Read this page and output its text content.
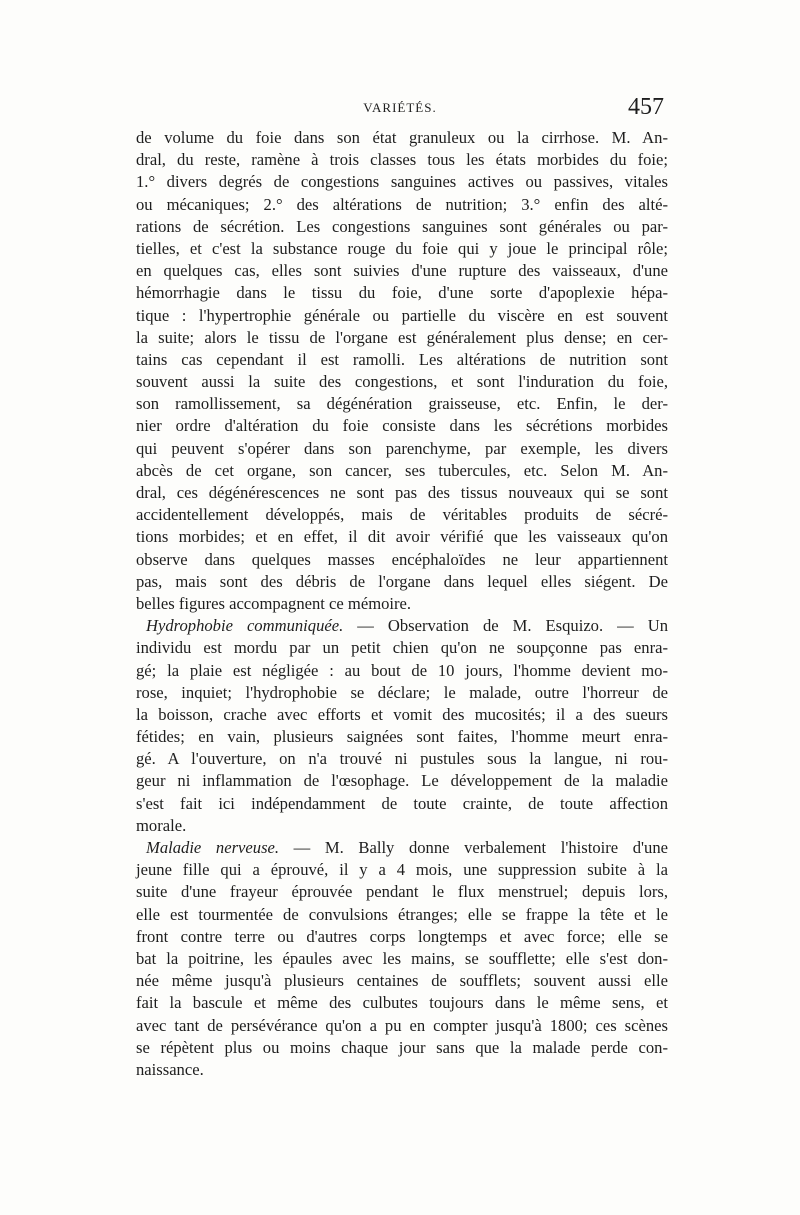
VARIÉTÉS.	457
de volume du foie dans son état granuleux ou la cirrhose. M. An-
dral, du reste, ramène à trois classes tous les états morbides du foie;
1.° divers degrés de congestions sanguines actives ou passives, vitales
ou mécaniques; 2.° des altérations de nutrition; 3.° enfin des alté-
rations de sécrétion. Les congestions sanguines sont générales ou par-
tielles, et c'est la substance rouge du foie qui y joue le principal rôle;
en quelques cas, elles sont suivies d'une rupture des vaisseaux, d'une
hémorrhagie dans le tissu du foie, d'une sorte d'apoplexie hépa-
tique : l'hypertrophie générale ou partielle du viscère en est souvent
la suite; alors le tissu de l'organe est généralement plus dense; en cer-
tains cas cependant il est ramolli. Les altérations de nutrition sont
souvent aussi la suite des congestions, et sont l'induration du foie,
son ramollissement, sa dégénération graisseuse, etc. Enfin, le der-
nier ordre d'altération du foie consiste dans les sécrétions morbides
qui peuvent s'opérer dans son parenchyme, par exemple, les divers
abcès de cet organe, son cancer, ses tubercules, etc. Selon M. An-
dral, ces dégénérescences ne sont pas des tissus nouveaux qui se sont
accidentellement développés, mais de véritables produits de sécré-
tions morbides; et en effet, il dit avoir vérifié que les vaisseaux qu'on
observe dans quelques masses encéphaloïdes ne leur appartiennent
pas, mais sont des débris de l'organe dans lequel elles siégent. De
belles figures accompagnent ce mémoire.
Hydrophobie communiquée. — Observation de M. Esquizo. — Un
individu est mordu par un petit chien qu'on ne soupçonne pas enra-
gé; la plaie est négligée : au bout de 10 jours, l'homme devient mo-
rose, inquiet; l'hydrophobie se déclare; le malade, outre l'horreur de
la boisson, crache avec efforts et vomit des mucosités; il a des sueurs
fétides; en vain, plusieurs saignées sont faites, l'homme meurt enra-
gé. A l'ouverture, on n'a trouvé ni pustules sous la langue, ni rou-
geur ni inflammation de l'œsophage. Le développement de la maladie
s'est fait ici indépendamment de toute crainte, de toute affection
morale.
Maladie nerveuse. — M. Bally donne verbalement l'histoire d'une
jeune fille qui a éprouvé, il y a 4 mois, une suppression subite à la
suite d'une frayeur éprouvée pendant le flux menstruel; depuis lors,
elle est tourmentée de convulsions étranges; elle se frappe la tête et le
front contre terre ou d'autres corps longtemps et avec force; elle se
bat la poitrine, les épaules avec les mains, se soufflette; elle s'est don-
née même jusqu'à plusieurs centaines de soufflets; souvent aussi elle
fait la bascule et même des culbutes toujours dans le même sens, et
avec tant de persévérance qu'on a pu en compter jusqu'à 1800; ces scènes
se répètent plus ou moins chaque jour sans que la malade perde con-
naissance.
